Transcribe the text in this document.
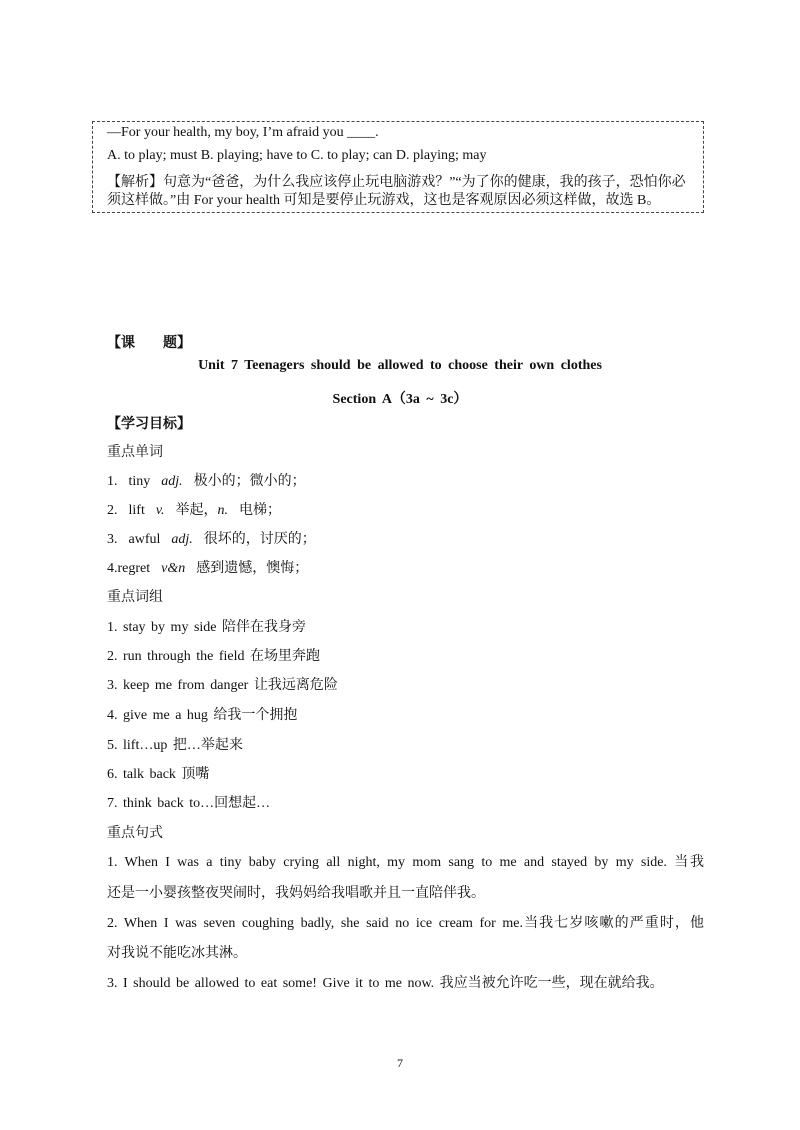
—For your health, my boy, I’m afraid you ____.
A. to play; must B. playing; have to C. to play; can D. playing; may
【解析】句意为“爸爸，为什么我应该停止玩电脑游戏？”“为了你的健康，我的孩子，恐怕你必
须这样做。”由 For your health 可知是要停止玩游戏，这也是客观原因必须这样做，故选 B。
【课　　题】
Unit 7 Teenagers should be allowed to choose their own clothes
Section A（3a ~ 3c）
【学习目标】
重点单词
1. tiny adj. 极小的；微小的；
2. lift v. 举起，n. 电梯；
3. awful adj. 很坏的，讨厌的；
4.regret v&n 感到遗憾，懊悔；
重点词组
1. stay by my side 陪伴在我身旁
2. run through the field 在场里奔跑
3. keep me from danger 让我远离危险
4. give me a hug 给我一个拥抱
5. lift…up 把…举起来
6. talk back 顶嘴
7. think back to…回想起…
重点句式
1. When I was a tiny baby crying all night, my mom sang to me and stayed by my side. 当我
还是一小婴孩整夜哭闹时，我妈妈给我唱歌并且一直陪伴我。
2. When I was seven coughing badly, she said no ice cream for me.当我七岁咳嗽的严重时，他
对我说不能吃冰其淋。
3. I should be allowed to eat some! Give it to me now. 我应当被允许吃一些，现在就给我。
7
